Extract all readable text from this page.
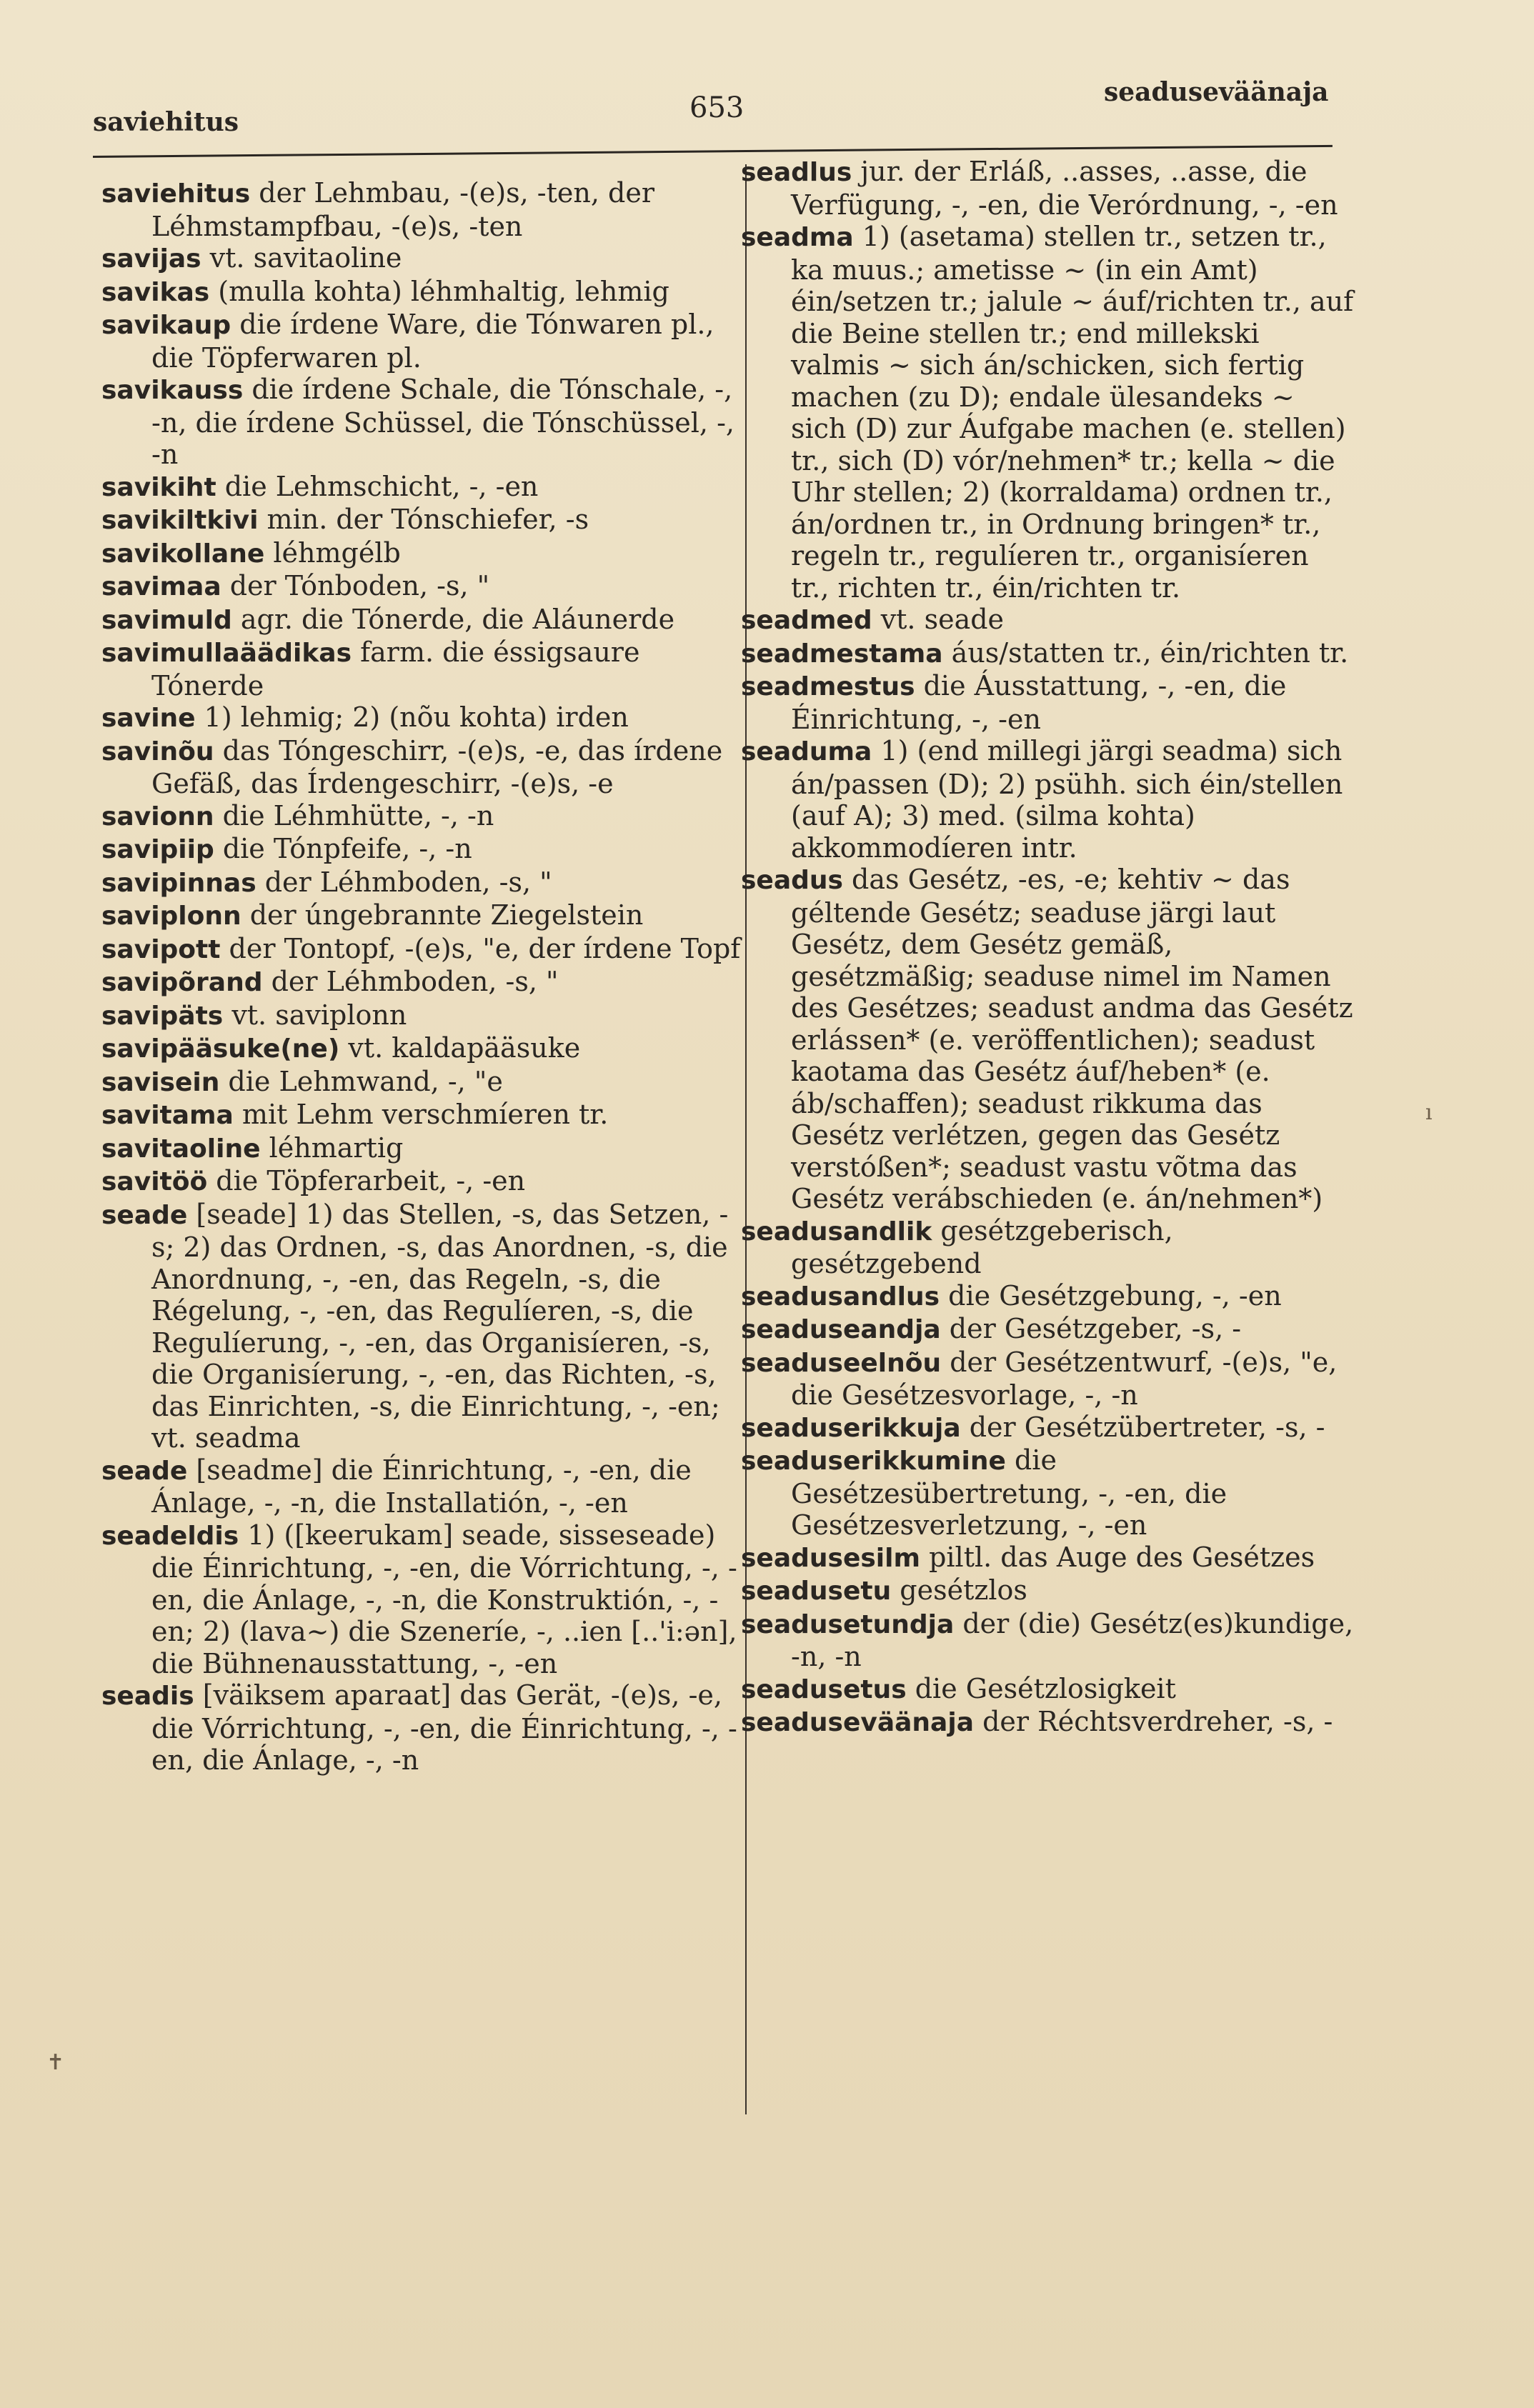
saviehitus	653	seaduseväänaja

saviehitus der Lehmbau, -(e)s, -ten, der Léhmstampfbau, -(e)s, -ten

savijas vt. savitaoline

savikas (mulla kohta) léhmhaltig, lehmig

savikaup die írdene Ware, die Tónwaren pl., die Töpferwaren pl.

savikauss die írdene Schale, die Tónschale, -, -n, die írdene Schüssel, die Tónschüssel, -, -n

savikiht die Lehmschicht, -, -en

savikiltkivi min. der Tónschiefer, -s

savikollane léhmgélb

savimaa der Tónboden, -s, "

savimuld agr. die Tónerde, die Aláunerde

savimullaäädikas farm. die éssigsaure Tónerde

savine 1) lehmig; 2) (nõu kohta) irden

savinõu das Tóngeschirr, -(e)s, -e, das írdene Gefäß, das Írdengeschirr, -(e)s, -e

savionn die Léhmhütte, -, -n

savipiip die Tónpfeife, -, -n

savipinnas der Léhmboden, -s, "

saviplonn der úngebrannte Ziegelstein

savipott der Tontopf, -(e)s, "e, der írdene Topf

savipõrand der Léhmboden, -s, "

savipäts vt. saviplonn

savipääsuke(ne) vt. kaldapääsuke

savisein die Lehmwand, -, "e

savitama mit Lehm verschmíeren tr.

savitaoline léhmartig

savitöö die Töpferarbeit, -, -en

seade [seade] 1) das Stellen, -s, das Setzen, -s; 2) das Ordnen, -s, das Anordnen, -s, die Anordnung, -, -en, das Regeln, -s, die Régelung, -, -en, das Regulíeren, -s, die Regulíerung, -, -en, das Organisíeren, -s, die Organisíerung, -, -en, das Richten, -s, das Einrichten, -s, die Einrichtung, -, -en; vt. seadma

seade [seadme] die Éinrichtung, -, -en, die Ánlage, -, -n, die Installatión, -, -en

seadeldis 1) ([keerukam] seade, sisseseade) die Éinrichtung, -, -en, die Vórrichtung, -, -en, die Ánlage, -, -n, die Konstruktión, -, -en; 2) (lava~) die Szeneríe, -, ..ien [..'i:ən], die Bühnenausstattung, -, -en

seadis [väiksem aparaat] das Gerät, -(e)s, -e, die Vórrichtung, -, -en, die Éinrichtung, -, -en, die Ánlage, -, -n

seadlus jur. der Erláß, ..asses, ..asse, die Verfügung, -, -en, die Verórdnung, -, -en

seadma 1) (asetama) stellen tr., setzen tr., ka muus.; ametisse ~ (in ein Amt) éin/setzen tr.; jalule ~ áuf/richten tr., auf die Beine stellen tr.; end millekski valmis ~ sich án/schicken, sich fertig machen (zu D); endale ülesandeks ~ sich (D) zur Áufgabe machen (e. stellen) tr., sich (D) vór/nehmen* tr.; kella ~ die Uhr stellen; 2) (korraldama) ordnen tr., án/ordnen tr., in Ordnung bringen* tr., regeln tr., regulíeren tr., organisíeren tr., richten tr., éin/richten tr.

seadmed vt. seade

seadmestama áus/statten tr., éin/richten tr.

seadmestus die Áusstattung, -, -en, die Éinrichtung, -, -en

seaduma 1) (end millegi järgi seadma) sich án/passen (D); 2) psühh. sich éin/stellen (auf A); 3) med. (silma kohta) akkommodíeren intr.

seadus das Gesétz, -es, -e; kehtiv ~ das géltende Gesétz; seaduse järgi laut Gesétz, dem Gesétz gemäß, gesétzmäßig; seaduse nimel im Namen des Gesétzes; seadust andma das Gesétz erlássen* (e. veröffentlichen); seadust kaotama das Gesétz áuf/heben* (e. áb/schaffen); seadust rikkuma das Gesétz verlétzen, gegen das Gesétz verstóßen*; seadust vastu võtma das Gesétz verábschieden (e. án/nehmen*)

seadusandlik gesétzgeberisch, gesétzgebend

seadusandlus die Gesétzgebung, -, -en

seaduseandja der Gesétzgeber, -s, -

seaduseelnõu der Gesétzentwurf, -(e)s, "e, die Gesétzesvorlage, -, -n

seaduserikkuja der Gesétzübertreter, -s, -

seaduserikkumine die Gesétzesübertretung, -, -en, die Gesétzesverletzung, -, -en

seadusesilm piltl. das Auge des Gesétzes

seadusetu gesétzlos

seadusetundja der (die) Gesétz(es)kundige, -n, -n

seadusetus die Gesétzlosigkeit

seaduseväänaja der Réchtsverdreher, -s, -

✝
ı
